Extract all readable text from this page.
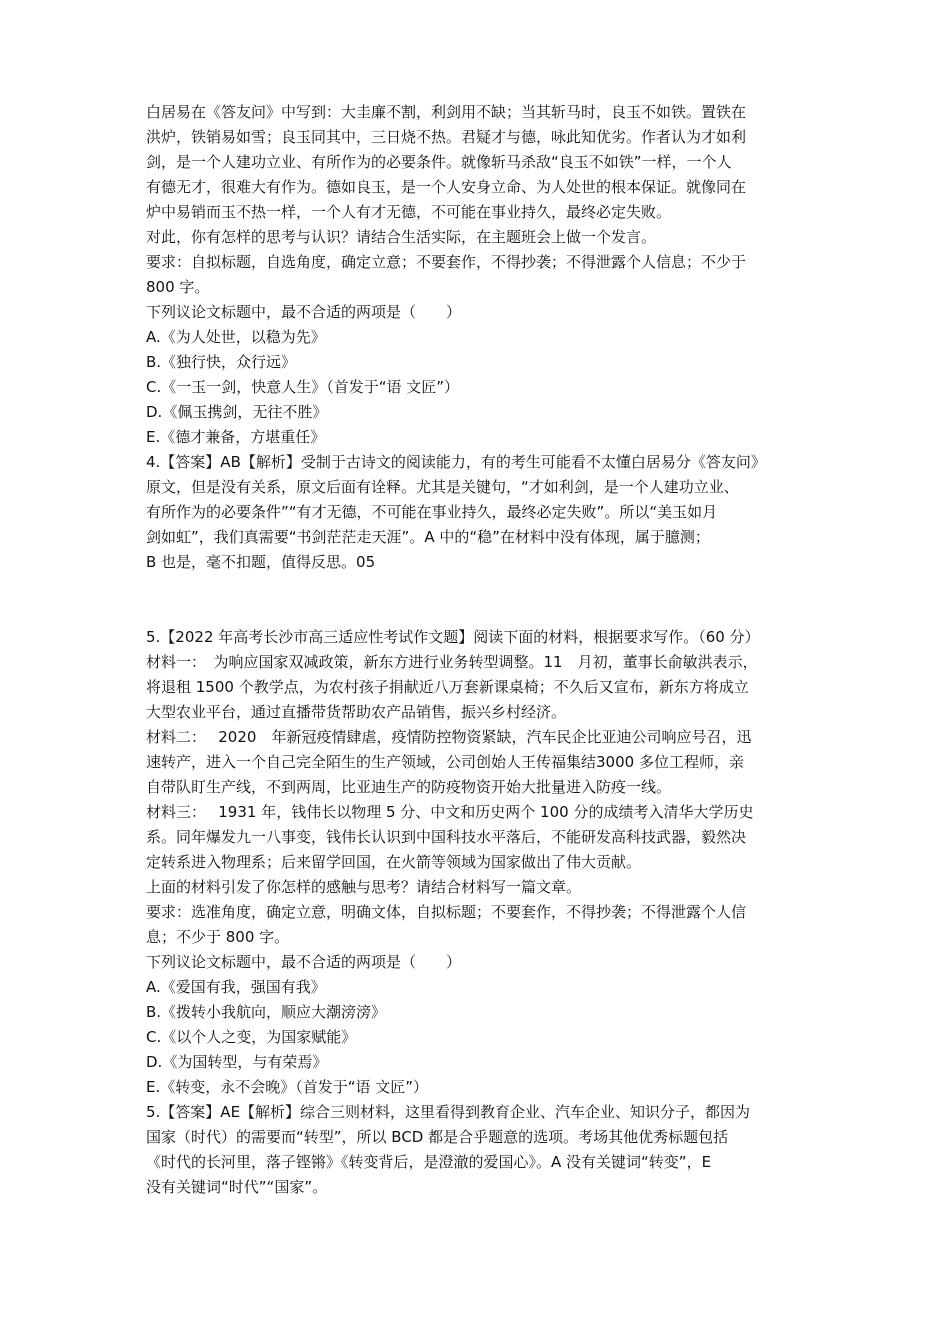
白居易在《答友问》中写到：大圭廉不割，利剑用不缺；当其斩马时，良玉不如铁。置铁在

洪炉，铁销易如雪；良玉同其中，三日烧不热。君疑才与德，咏此知优劣。作者认为才如利

剑，是一个人建功立业、有所作为的必要条件。就像斩马杀敌“良玉不如铁”一样，一个人

有德无才，很难大有作为。德如良玉，是一个人安身立命、为人处世的根本保证。就像同在

炉中易销而玉不热一样，一个人有才无德，不可能在事业持久，最终必定失败。

对此，你有怎样的思考与认识？请结合生活实际，在主题班会上做一个发言。

要求：自拟标题，自选角度，确定立意；不要套作，不得抄袭；不得泄露个人信息；不少于

800 字。

下列议论文标题中，最不合适的两项是（　　）

A.《为人处世，以稳为先》

B.《独行快，众行远》

C.《一玉一剑，快意人生》（首发于“语 文匠”）

D.《佩玉携剑，无往不胜》

E.《德才兼备，方堪重任》

4.【答案】AB【解析】受制于古诗文的阅读能力，有的考生可能看不太懂白居易分《答友问》

原文，但是没有关系，原文后面有诠释。尤其是关键句，“才如利剑，是一个人建功立业、

有所作为的必要条件”“有才无德，不可能在事业持久，最终必定失败”。所以“美玉如月

剑如虹”，我们真需要“书剑茫茫走天涯”。A 中的“稳”在材料中没有体现，属于臆测；

B 也是，毫不扣题，值得反思。05

5.【2022 年高考长沙市高三适应性考试作文题】阅读下面的材料，根据要求写作。（60 分）

材料一：　为响应国家双减政策，新东方进行业务转型调整。11　月初，董事长俞敏洪表示，

将退租 1500 个教学点，为农村孩子捐献近八万套新课桌椅；不久后又宣布，新东方将成立

大型农业平台，通过直播带货帮助农产品销售，振兴乡村经济。

材料二：　 2020　年新冠疫情肆虐，疫情防控物资紧缺，汽车民企比亚迪公司响应号召，迅

速转产，进入一个自己完全陌生的生产领域，公司创始人王传福集结3000 多位工程师，亲

自带队盯生产线，不到两周，比亚迪生产的防疫物资开始大批量进入防疫一线。

材料三：　 1931 年，钱伟长以物理 5 分、中文和历史两个 100 分的成绩考入清华大学历史

系。同年爆发九一八事变，钱伟长认识到中国科技水平落后，不能研发高科技武器，毅然决

定转系进入物理系；后来留学回国，在火箭等领域为国家做出了伟大贡献。

上面的材料引发了你怎样的感触与思考？请结合材料写一篇文章。

要求：选准角度，确定立意，明确文体，自拟标题；不要套作，不得抄袭；不得泄露个人信

息；不少于 800 字。

下列议论文标题中，最不合适的两项是（　　）

A.《爱国有我，强国有我》

B.《拨转小我航向，顺应大潮滂滂》

C.《以个人之变，为国家赋能》

D.《为国转型，与有荣焉》

E.《转变，永不会晚》（首发于“语 文匠”）

5.【答案】AE【解析】综合三则材料，这里看得到教育企业、汽车企业、知识分子，都因为

国家（时代）的需要而“转型”，所以 BCD 都是合乎题意的选项。考场其他优秀标题包括

《时代的长河里，落子铿锵》《转变背后，是澄澈的爱国心》。A 没有关键词“转变”，E

没有关键词“时代”“国家”。
